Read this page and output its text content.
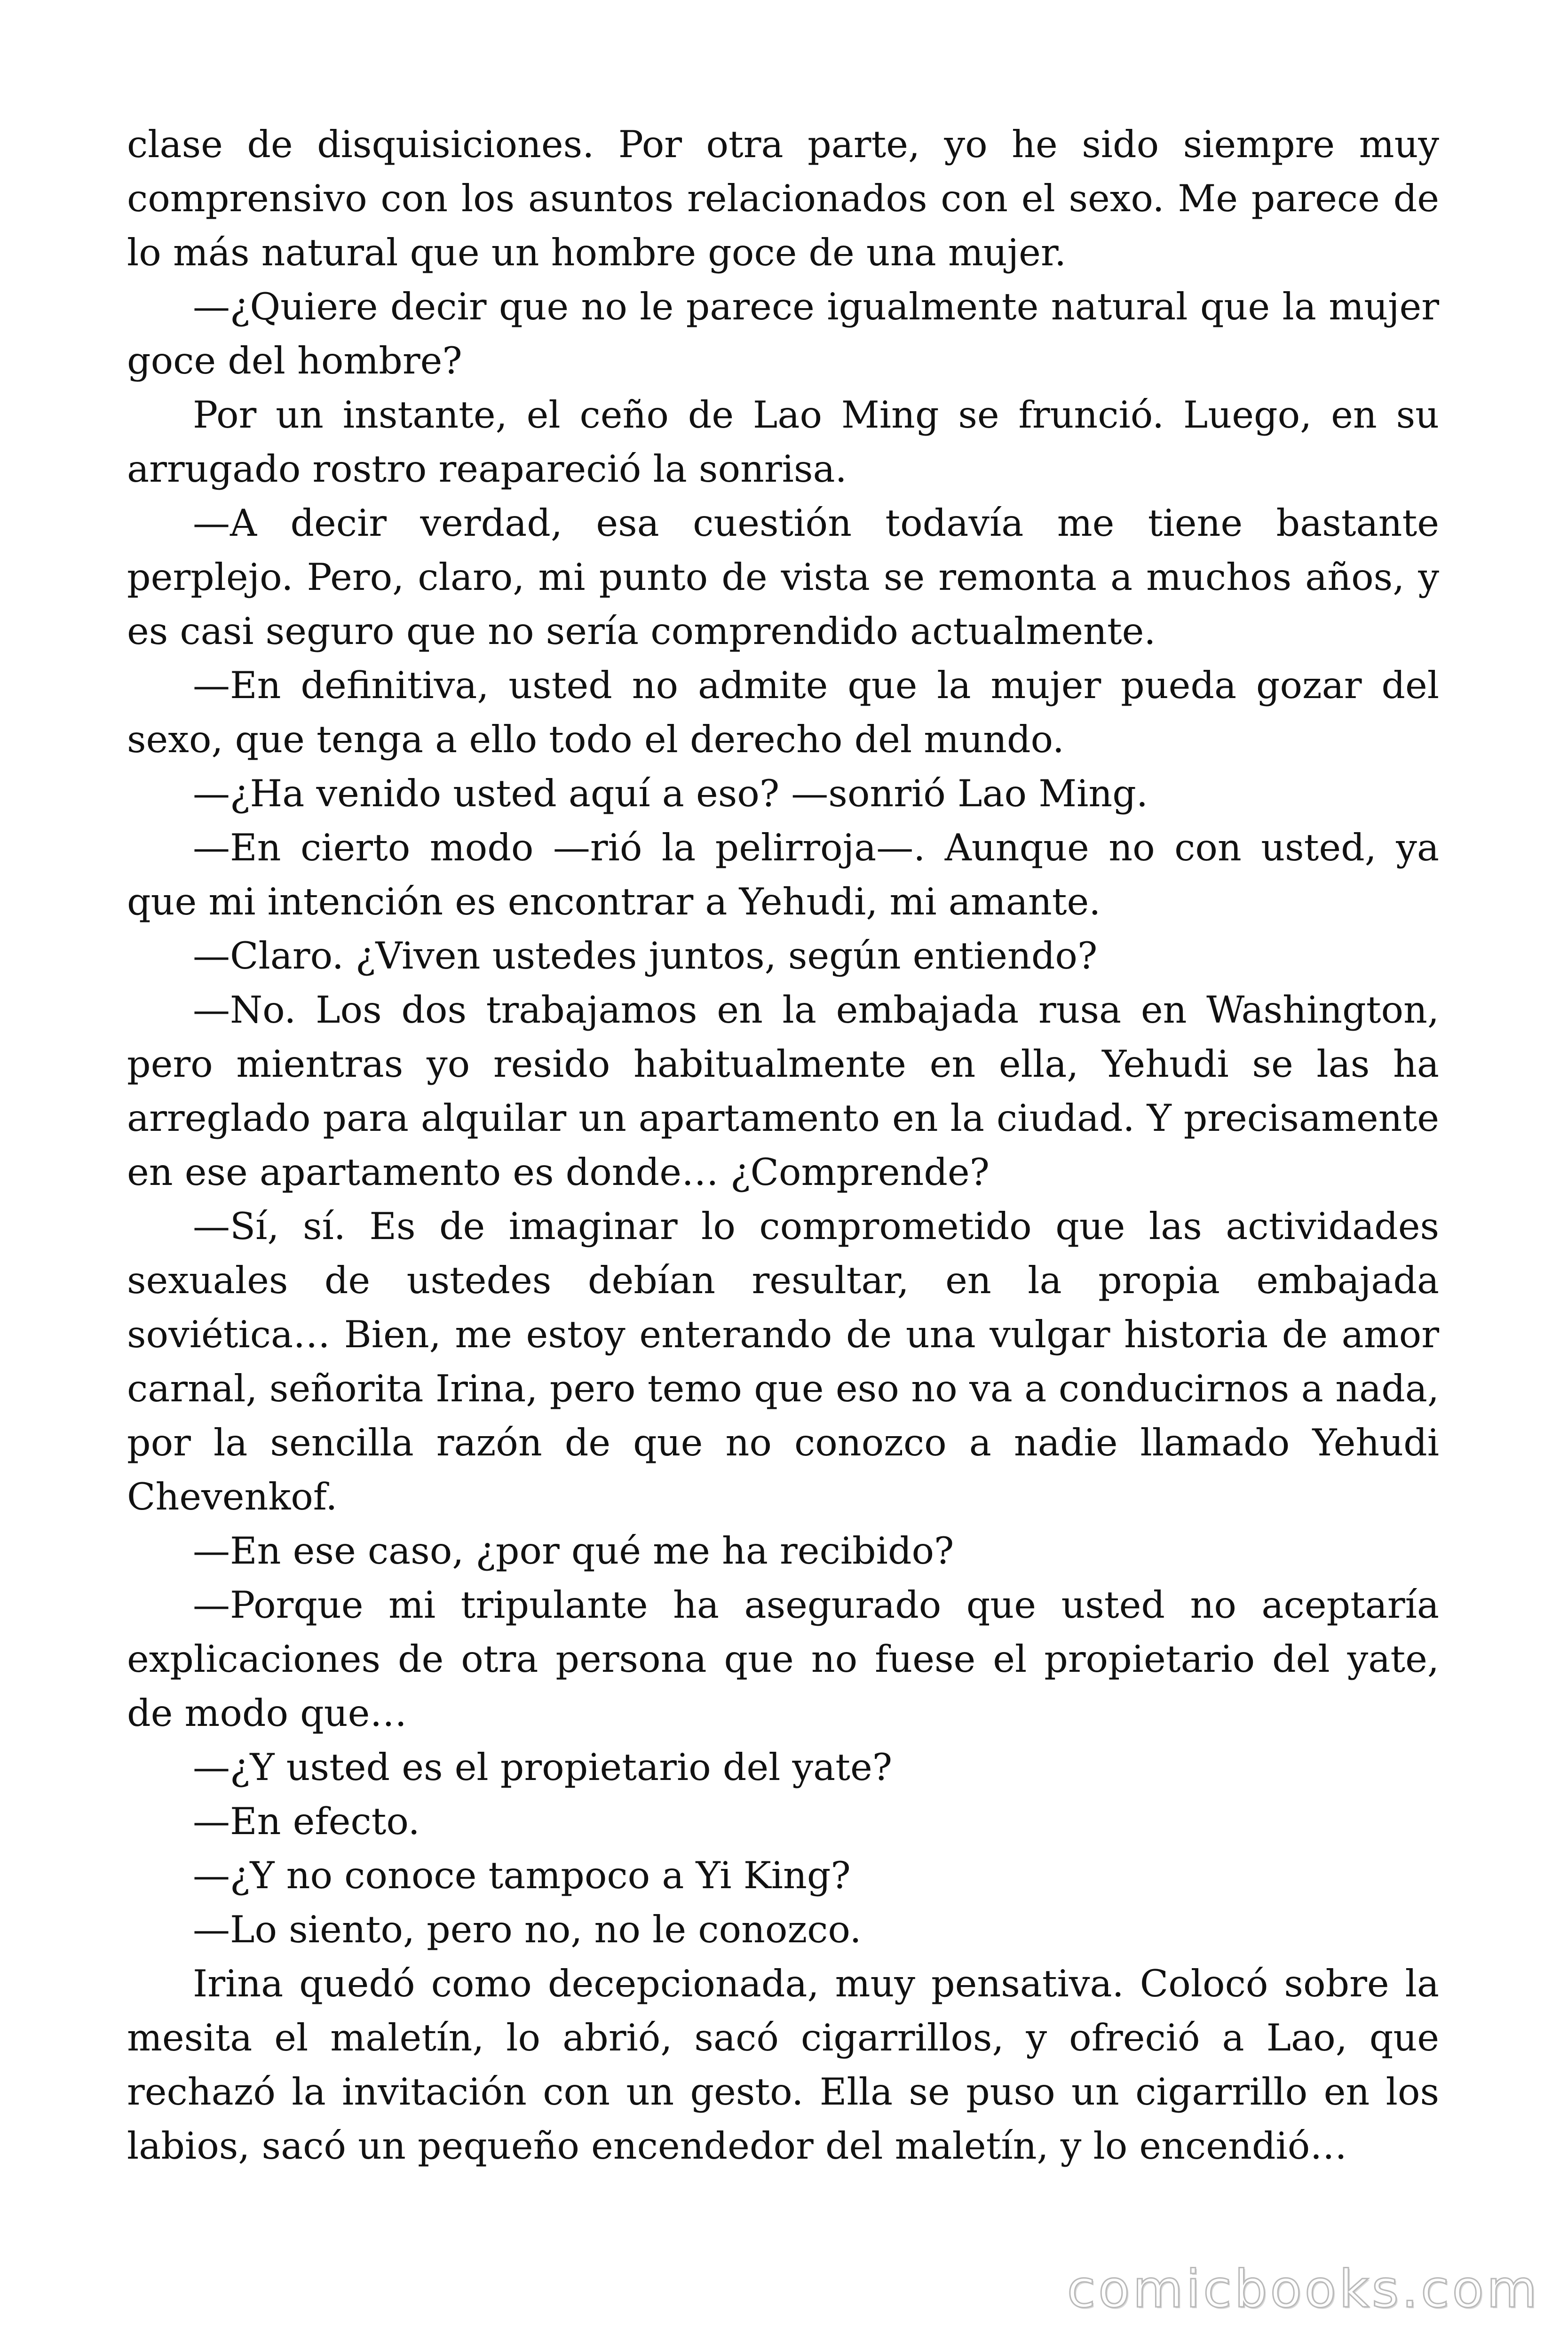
clase de disquisiciones. Por otra parte, yo he sido siempre muy comprensivo con los asuntos relacionados con el sexo. Me parece de lo más natural que un hombre goce de una mujer.

—¿Quiere decir que no le parece igualmente natural que la mujer goce del hombre?

Por un instante, el ceño de Lao Ming se frunció. Luego, en su arrugado rostro reapareció la sonrisa.

—A decir verdad, esa cuestión todavía me tiene bastante perplejo. Pero, claro, mi punto de vista se remonta a muchos años, y es casi seguro que no sería comprendido actualmente.

—En definitiva, usted no admite que la mujer pueda gozar del sexo, que tenga a ello todo el derecho del mundo.

—¿Ha venido usted aquí a eso? —sonrió Lao Ming.

—En cierto modo —rió la pelirroja—. Aunque no con usted, ya que mi intención es encontrar a Yehudi, mi amante.

—Claro. ¿Viven ustedes juntos, según entiendo?

—No. Los dos trabajamos en la embajada rusa en Washington, pero mientras yo resido habitualmente en ella, Yehudi se las ha arreglado para alquilar un apartamento en la ciudad. Y precisamente en ese apartamento es donde… ¿Comprende?

—Sí, sí. Es de imaginar lo comprometido que las actividades sexuales de ustedes debían resultar, en la propia embajada soviética… Bien, me estoy enterando de una vulgar historia de amor carnal, señorita Irina, pero temo que eso no va a conducirnos a nada, por la sencilla razón de que no conozco a nadie llamado Yehudi Chevenkof.

—En ese caso, ¿por qué me ha recibido?

—Porque mi tripulante ha asegurado que usted no aceptaría explicaciones de otra persona que no fuese el propietario del yate, de modo que…

—¿Y usted es el propietario del yate?

—En efecto.

—¿Y no conoce tampoco a Yi King?

—Lo siento, pero no, no le conozco.

Irina quedó como decepcionada, muy pensativa. Colocó sobre la mesita el maletín, lo abrió, sacó cigarrillos, y ofreció a Lao, que rechazó la invitación con un gesto. Ella se puso un cigarrillo en los labios, sacó un pequeño encendedor del maletín, y lo encendió…

comicbooks.com
